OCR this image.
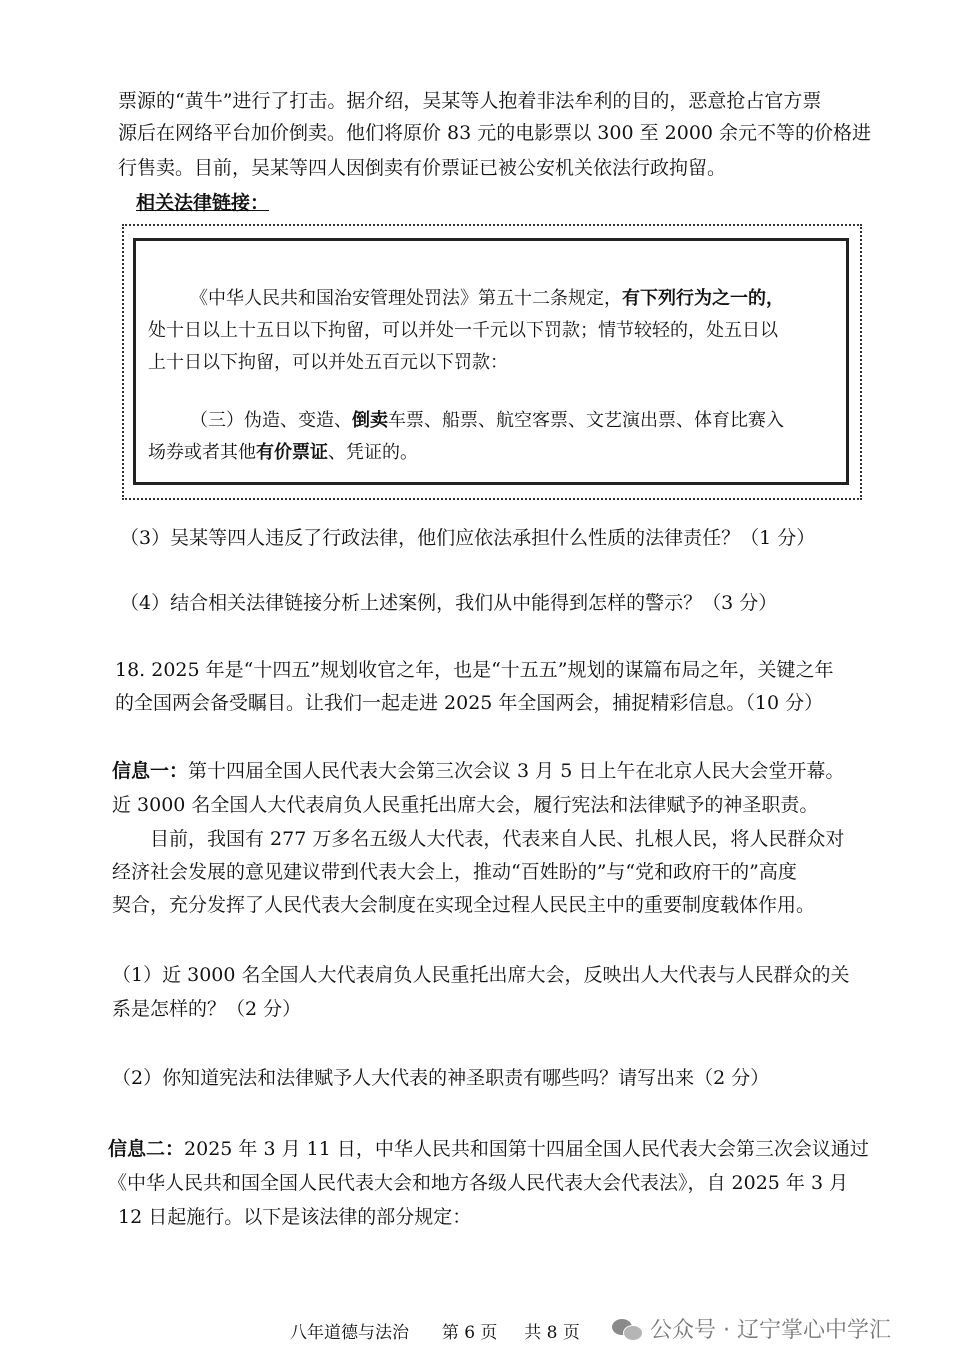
票源的“黄牛”进行了打击。据介绍，吴某等人抱着非法牟利的目的，恶意抢占官方票
源后在网络平台加价倒卖。他们将原价 83 元的电影票以 300 至 2000 余元不等的价格进
行售卖。目前，吴某等四人因倒卖有价票证已被公安机关依法行政拘留。
相关法律链接：
《中华人民共和国治安管理处罚法》第五十二条规定，有下列行为之一的，
处十日以上十五日以下拘留，可以并处一千元以下罚款；情节较轻的，处五日以
上十日以下拘留，可以并处五百元以下罚款：
（三）伪造、变造、倒卖车票、船票、航空客票、文艺演出票、体育比赛入
场券或者其他有价票证、凭证的。
（3）吴某等四人违反了行政法律，他们应依法承担什么性质的法律责任？（1 分）
（4）结合相关法律链接分析上述案例，我们从中能得到怎样的警示？（3 分）
18. 2025 年是“十四五”规划收官之年，也是“十五五”规划的谋篇布局之年，关键之年
的全国两会备受瞩目。让我们一起走进 2025 年全国两会，捕捉精彩信息。（10 分）
信息一：第十四届全国人民代表大会第三次会议 3 月 5 日上午在北京人民大会堂开幕。
近 3000 名全国人大代表肩负人民重托出席大会，履行宪法和法律赋予的神圣职责。
目前，我国有 277 万多名五级人大代表，代表来自人民、扎根人民，将人民群众对
经济社会发展的意见建议带到代表大会上，推动“百姓盼的”与“党和政府干的”高度
契合，充分发挥了人民代表大会制度在实现全过程人民民主中的重要制度载体作用。
（1）近 3000 名全国人大代表肩负人民重托出席大会，反映出人大代表与人民群众的关
系是怎样的？（2 分）
（2）你知道宪法和法律赋予人大代表的神圣职责有哪些吗？请写出来（2 分）
信息二：2025 年 3 月 11 日，中华人民共和国第十四届全国人民代表大会第三次会议通过
《中华人民共和国全国人民代表大会和地方各级人民代表大会代表法》，自 2025 年 3 月
12 日起施行。以下是该法律的部分规定：
八年道德与法治 第 6 页 共 8 页	公众号 · 辽宁掌心中学汇
